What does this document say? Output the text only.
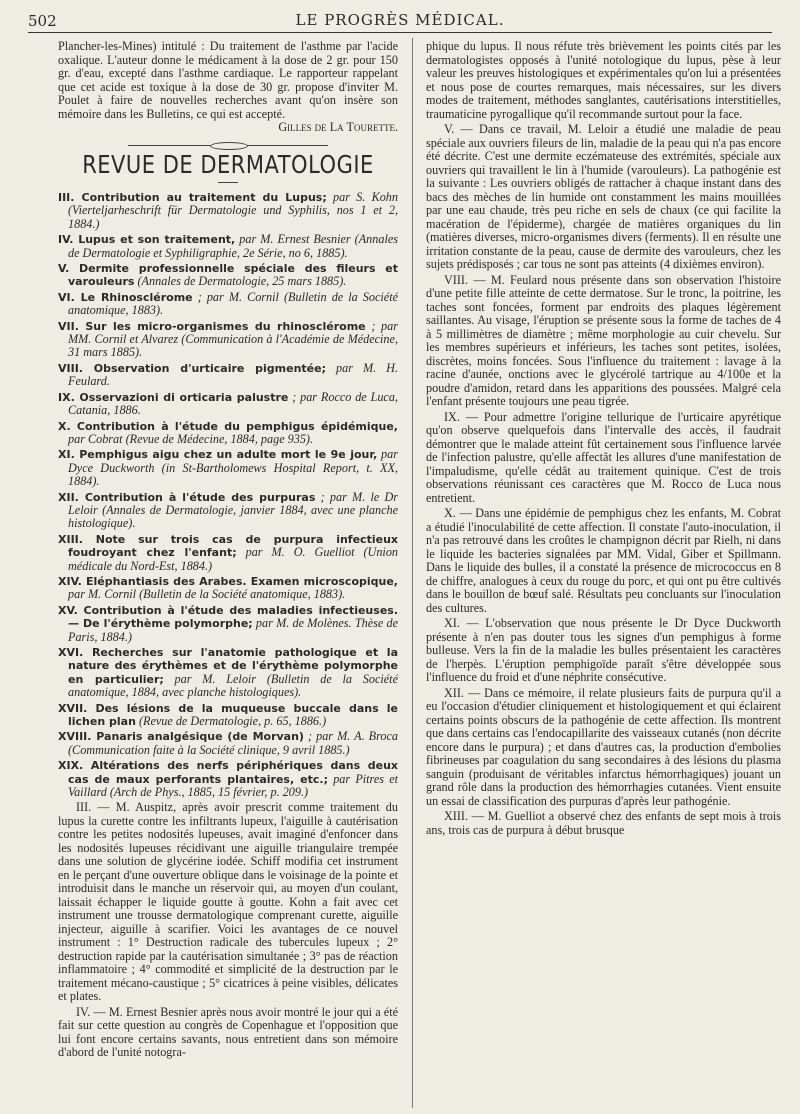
502	LE PROGRÈS MÉDICAL.

Plancher-les-Mines) intitulé : Du traitement de l'asthme par l'acide oxalique. L'auteur donne le médicament à la dose de 2 gr. pour 150 gr. d'eau, excepté dans l'asthme cardiaque. Le rapporteur rappelant que cet acide est toxique à la dose de 30 gr. propose d'inviter M. Poulet à faire de nouvelles recherches avant qu'on insère son mémoire dans les Bulletins, ce qui est accepté.

Gilles de La Tourette.

REVUE DE DERMATOLOGIE
III. Contribution au traitement du Lupus; par S. Kohn (Vierteljarheschrift für Dermatologie und Syphilis, nos 1 et 2, 1884.)
IV. Lupus et son traitement, par M. Ernest Besnier (Annales de Dermatologie et Syphiligraphie, 2e Série, no 6, 1885).
V. Dermite professionnelle spéciale des fileurs et varouleurs (Annales de Dermatologie, 25 mars 1885).
VI. Le Rhinosclérome ; par M. Cornil (Bulletin de la Société anatomique, 1883).
VII. Sur les micro-organismes du rhinosclérome ; par MM. Cornil et Alvarez (Communication à l'Académie de Médecine, 31 mars 1885).
VIII. Observation d'urticaire pigmentée; par M. H. Feulard.
IX. Osservazioni di orticaria palustre ; par Rocco de Luca, Catania, 1886.
X. Contribution à l'étude du pemphigus épidémique, par Cobrat (Revue de Médecine, 1884, page 935).
XI. Pemphigus aigu chez un adulte mort le 9e jour, par Dyce Duckworth (in St-Bartholomews Hospital Report, t. XX, 1884).
XII. Contribution à l'étude des purpuras ; par M. le Dr Leloir (Annales de Dermatologie, janvier 1884, avec une planche histologique).
XIII. Note sur trois cas de purpura infectieux foudroyant chez l'enfant; par M. O. Guelliot (Union médicale du Nord-Est, 1884.)
XIV. Eléphantiasis des Arabes. Examen microscopique, par M. Cornil (Bulletin de la Société anatomique, 1883).
XV. Contribution à l'étude des maladies infectieuses. — De l'érythème polymorphe; par M. de Molènes. Thèse de Paris, 1884.)
XVI. Recherches sur l'anatomie pathologique et la nature des érythèmes et de l'érythème polymorphe en particulier; par M. Leloir (Bulletin de la Société anatomique, 1884, avec planche histologiques).
XVII. Des lésions de la muqueuse buccale dans le lichen plan (Revue de Dermatologie, p. 65, 1886.)
XVIII. Panaris analgésique (de Morvan) ; par M. A. Broca (Communication faite à la Société clinique, 9 avril 1885.)
XIX. Altérations des nerfs périphériques dans deux cas de maux perforants plantaires, etc.; par Pitres et Vaillard (Arch de Phys., 1885, 15 février, p. 209.)

III. — M. Auspitz, après avoir prescrit comme traitement du lupus la curette contre les infiltrants lupeux, l'aiguille à cautérisation contre les petites nodosités lupeuses, avait imaginé d'enfoncer dans les nodosités lupeuses récidivant une aiguille triangulaire trempée dans une solution de glycérine iodée. Schiff modifia cet instrument en le perçant d'une ouverture oblique dans le voisinage de la pointe et introduisit dans le manche un réservoir qui, au moyen d'un coulant, laissait échapper le liquide goutte à goutte. Kohn a fait avec cet instrument une trousse dermatologique comprenant curette, aiguille injecteur, aiguille à scarifier. Voici les avantages de ce nouvel instrument : 1° Destruction radicale des tubercules lupeux ; 2° destruction rapide par la cautérisation simultanée ; 3° pas de réaction inflammatoire ; 4° commodité et simplicité de la destruction par le traitement mécano-caustique ; 5° cicatrices à peine visibles, délicates et plates.

IV. — M. Ernest Besnier après nous avoir montré le jour qui a été fait sur cette question au congrès de Copenhague et l'opposition que lui font encore certains savants, nous entretient dans son mémoire d'abord de l'unité notogra-

phique du lupus. Il nous réfute très brièvement les points cités par les dermatologistes opposés à l'unité notologique du lupus, pèse à leur valeur les preuves histologiques et expérimentales qu'on lui a présentées et nous pose de courtes remarques, mais nécessaires, sur les divers modes de traitement, méthodes sanglantes, cautérisations interstitielles, traumaticine pyrogallique qu'il recommande surtout pour la face.

V. — Dans ce travail, M. Leloir a étudié une maladie de peau spéciale aux ouvriers fileurs de lin, maladie de la peau qui n'a pas encore été décrite. C'est une dermite eczémateuse des extrémités, spéciale aux ouvriers qui travaillent le lin à l'humide (varouleurs). La pathogénie est la suivante : Les ouvriers obligés de rattacher à chaque instant dans des bacs des mèches de lin humide ont constamment les mains mouillées par une eau chaude, très peu riche en sels de chaux (ce qui facilite la macération de l'épiderme), chargée de matières organiques du lin (matières diverses, micro-organismes divers (ferments). Il en résulte une irritation constante de la peau, cause de dermite des varouleurs, chez les sujets prédisposés ; car tous ne sont pas atteints (4 dixièmes environ).

VIII. — M. Feulard nous présente dans son observation l'histoire d'une petite fille atteinte de cette dermatose. Sur le tronc, la poitrine, les taches sont foncées, forment par endroits des plaques légèrement saillantes. Au visage, l'éruption se présente sous la forme de taches de 4 à 5 millimètres de diamètre ; même morphologie au cuir chevelu. Sur les membres supérieurs et inférieurs, les taches sont petites, isolées, discrètes, moins foncées. Sous l'influence du traitement : lavage à la racine d'aunée, onctions avec le glycérolé tartrique au 4/100e et la poudre d'amidon, retard dans les apparitions des poussées. Malgré cela l'enfant présente toujours une peau tigrée.

IX. — Pour admettre l'origine tellurique de l'urticaire apyrétique qu'on observe quelquefois dans l'intervalle des accès, il faudrait démontrer que le malade atteint fût certainement sous l'influence larvée de l'infection palustre, qu'elle affectât les allures d'une manifestation de l'impaludisme, qu'elle cédât au traitement quinique. C'est de trois observations réunissant ces caractères que M. Rocco de Luca nous entretient.

X. — Dans une épidémie de pemphigus chez les enfants, M. Cobrat a étudié l'inoculabilité de cette affection. Il constate l'auto-inoculation, il n'a pas retrouvé dans les croûtes le champignon décrit par Rielh, ni dans le liquide les bacteries signalées par MM. Vidal, Giber et Spillmann. Dans le liquide des bulles, il a constaté la présence de micrococcus en 8 de chiffre, analogues à ceux du rouge du porc, et qui ont pu être cultivés dans le bouillon de bœuf salé. Résultats peu concluants sur l'inoculation des cultures.

XI. — L'observation que nous présente le Dr Dyce Duckworth présente à n'en pas douter tous les signes d'un pemphigus à forme bulleuse. Vers la fin de la maladie les bulles présentaient les caractères de l'herpès. L'éruption pemphigoïde paraît s'être développée sous l'influence du froid et d'une néphrite consécutive.

XII. — Dans ce mémoire, il relate plusieurs faits de purpura qu'il a eu l'occasion d'étudier cliniquement et histologiquement et qui éclairent certains points obscurs de la pathogénie de cette affection. Ils montrent que dans certains cas l'endocapillarite des vaisseaux cutanés (non décrite encore dans le purpura) ; et dans d'autres cas, la production d'embolies fibrineuses par coagulation du sang secondaires à des lésions du plasma sanguin (produisant de véritables infarctus hémorrhagiques) jouant un grand rôle dans la production des hémorrhagies cutanées. Vient ensuite un essai de classification des purpuras d'après leur pathogénie.

XIII. — M. Guelliot a observé chez des enfants de sept mois à trois ans, trois cas de purpura à début brusque
